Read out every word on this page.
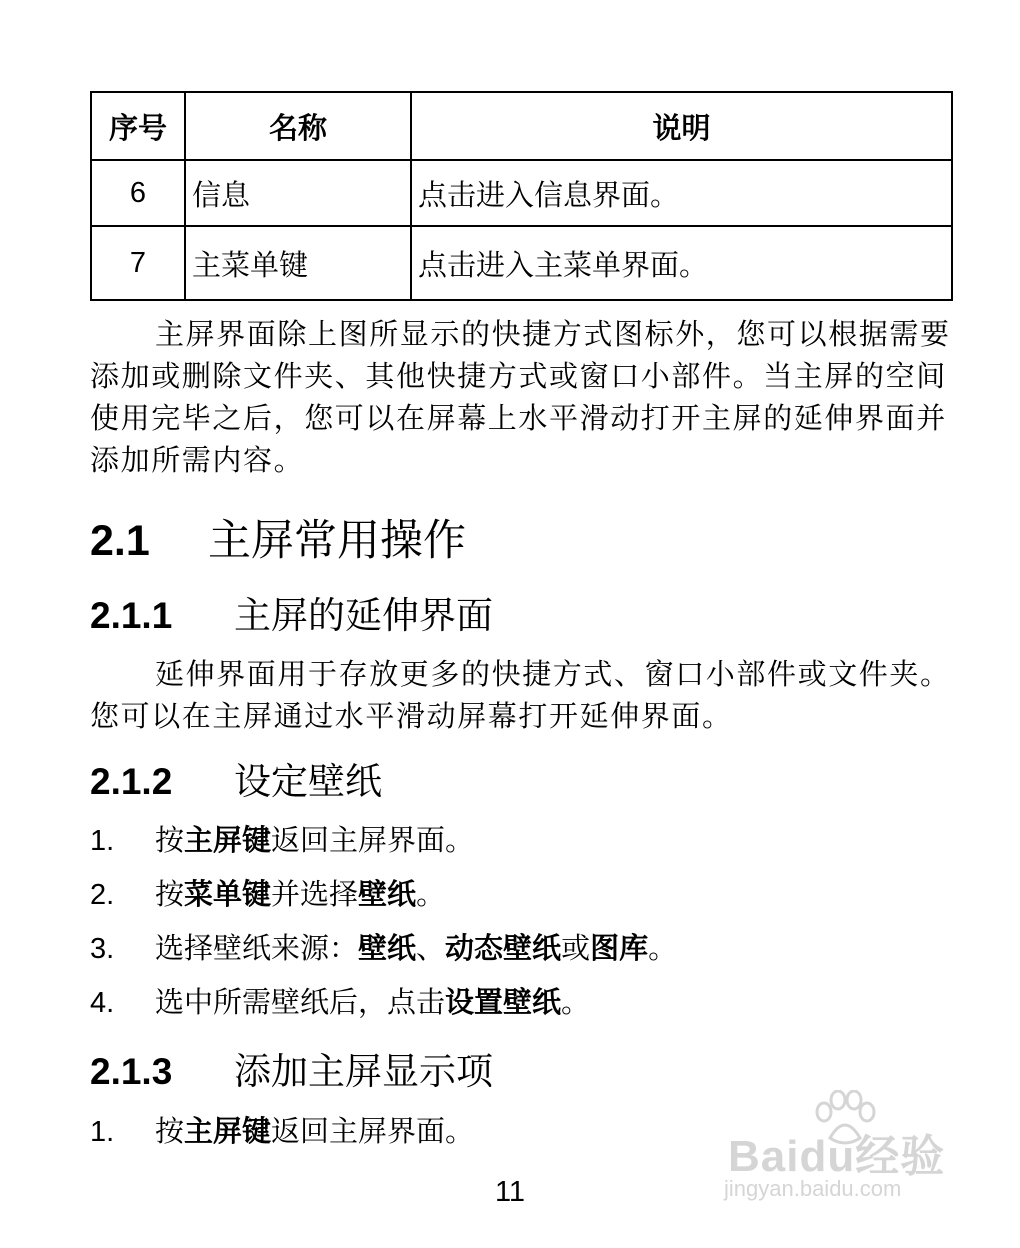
序号	名称	说明
6	信息	点击进入信息界面。
7	主菜单键	点击进入主菜单界面。

主屏界面除上图所显示的快捷方式图标外，您可以根据需要添加或删除文件夹、其他快捷方式或窗口小部件。当主屏的空间使用完毕之后，您可以在屏幕上水平滑动打开主屏的延伸界面并添加所需内容。

2.1 主屏常用操作
2.1.1 主屏的延伸界面

延伸界面用于存放更多的快捷方式、窗口小部件或文件夹。您可以在主屏通过水平滑动屏幕打开延伸界面。

2.1.2 设定壁纸

1. 按主屏键返回主屏界面。

2. 按菜单键并选择壁纸。

3. 选择壁纸来源：壁纸、动态壁纸或图库。

4. 选中所需壁纸后，点击设置壁纸。

2.1.3 添加主屏显示项

1. 按主屏键返回主屏界面。

11
Baidu经验
jingyan.baidu.com
